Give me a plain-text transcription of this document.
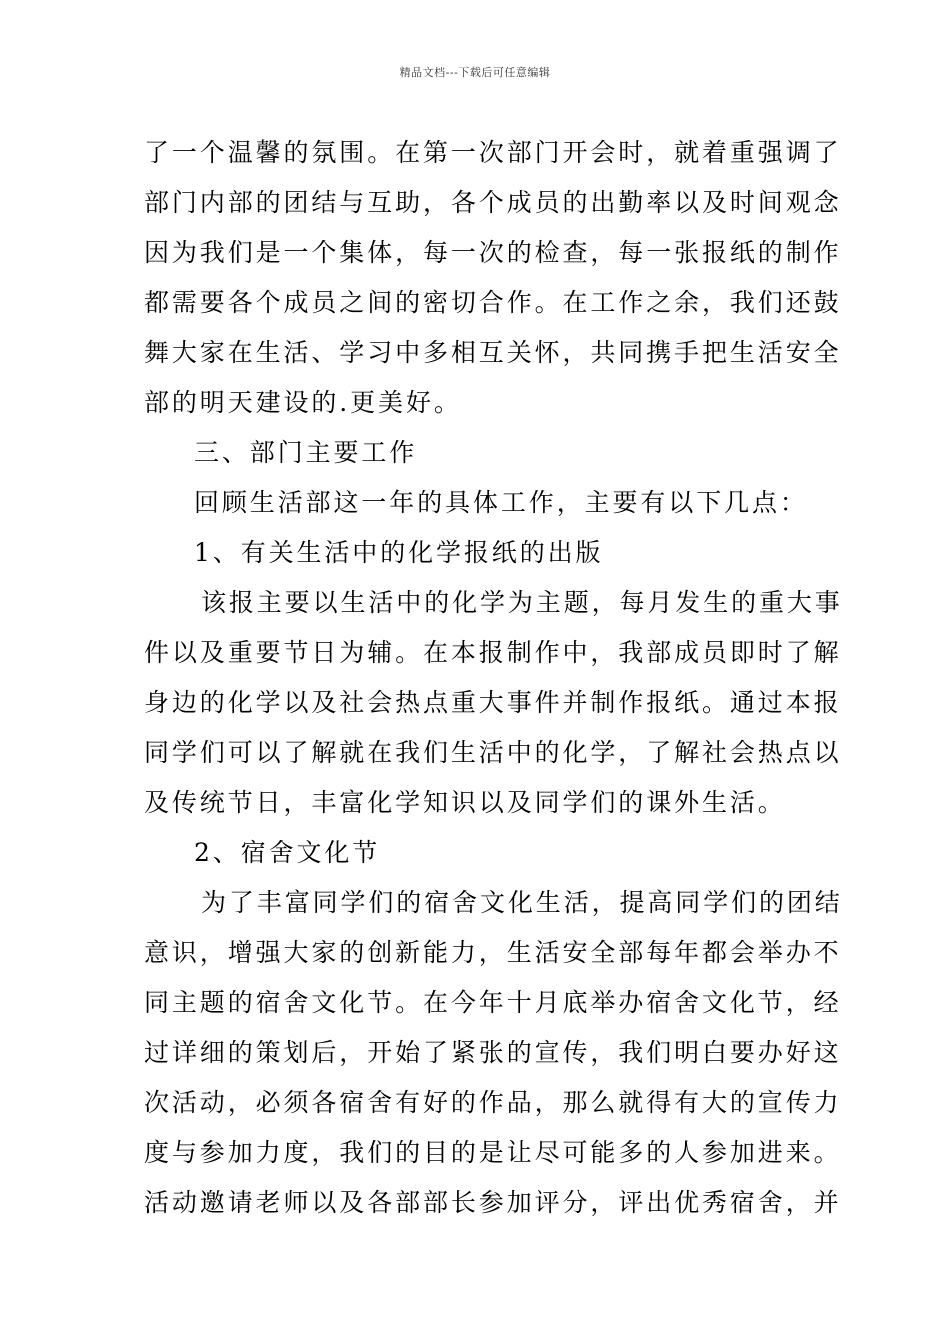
精品文档---下载后可任意编辑
了一个温馨的氛围。在第一次部门开会时，就着重强调了
部门内部的团结与互助，各个成员的出勤率以及时间观念
因为我们是一个集体，每一次的检查，每一张报纸的制作
都需要各个成员之间的密切合作。在工作之余，我们还鼓
舞大家在生活、学习中多相互关怀，共同携手把生活安全
部的明天建设的.更美好。
三、部门主要工作
回顾生活部这一年的具体工作，主要有以下几点：
1、有关生活中的化学报纸的出版
该报主要以生活中的化学为主题，每月发生的重大事
件以及重要节日为辅。在本报制作中，我部成员即时了解
身边的化学以及社会热点重大事件并制作报纸。通过本报
同学们可以了解就在我们生活中的化学，了解社会热点以
及传统节日，丰富化学知识以及同学们的课外生活。
2、宿舍文化节
为了丰富同学们的宿舍文化生活，提高同学们的团结
意识，增强大家的创新能力，生活安全部每年都会举办不
同主题的宿舍文化节。在今年十月底举办宿舍文化节，经
过详细的策划后，开始了紧张的宣传，我们明白要办好这
次活动，必须各宿舍有好的作品，那么就得有大的宣传力
度与参加力度，我们的目的是让尽可能多的人参加进来。
活动邀请老师以及各部部长参加评分，评出优秀宿舍，并
